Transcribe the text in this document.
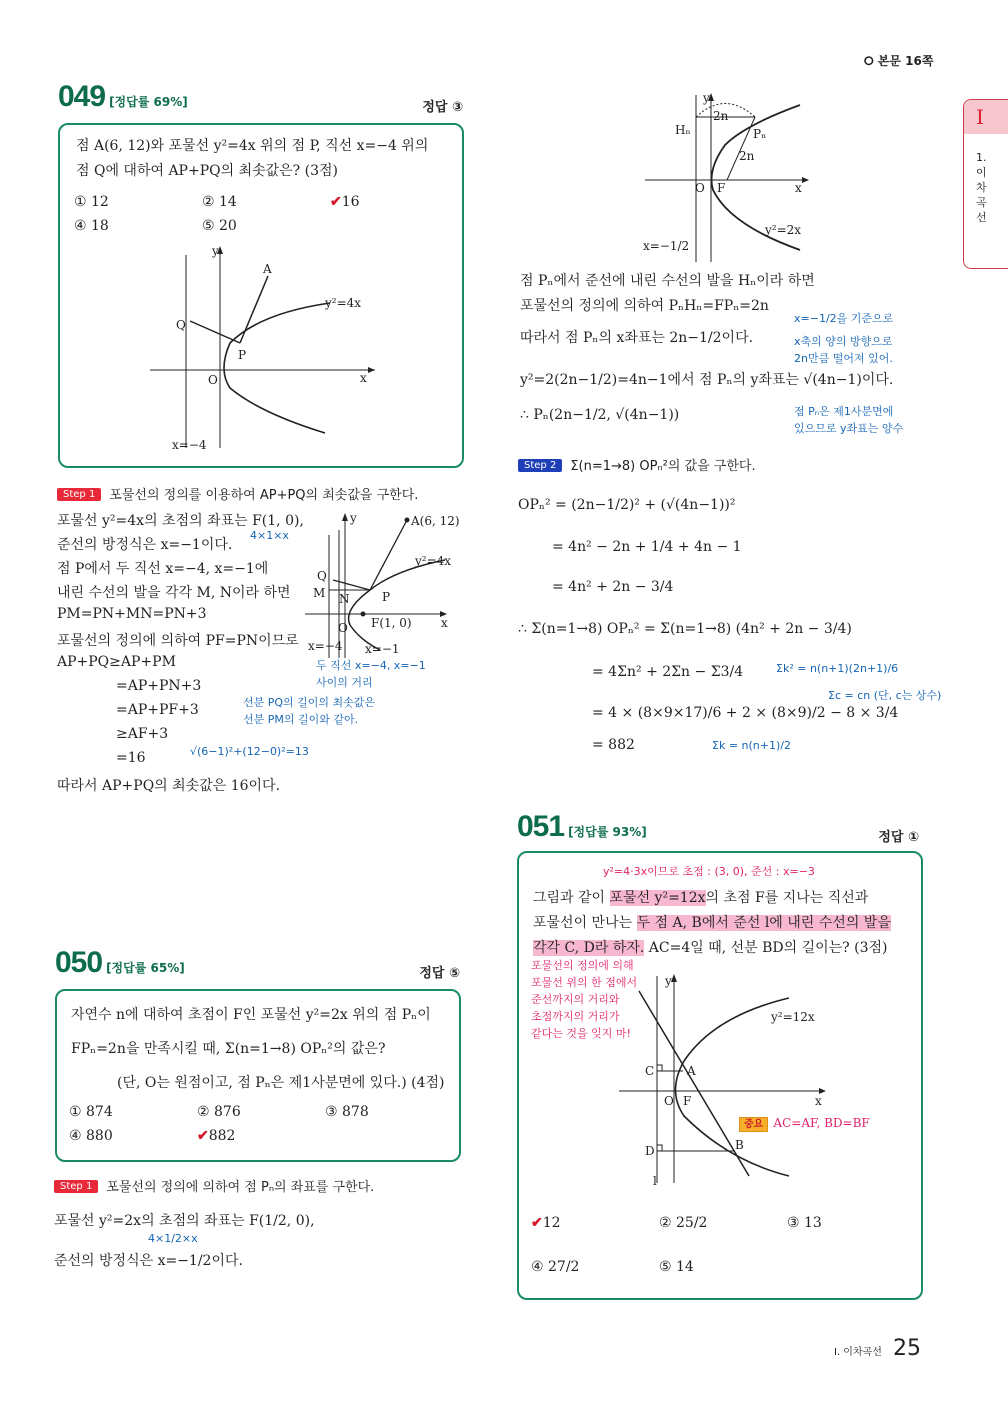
⭘ 본문 16쪽
I
1.
이
차
곡
선
049 [정답률 69%]	정답 ③
점 A(6, 12)와 포물선 y²=4x 위의 점 P, 직선 x=−4 위의
점 Q에 대하여 AP+PQ의 최솟값은? (3점)
① 12	② 14	✔16
④ 18	⑤ 20
y
x
A
Q
P
O
y²=4x
x=−4
Step 1 포물선의 정의를 이용하여 AP+PQ의 최솟값을 구한다.
포물선 y²=4x의 초점의 좌표는 F(1, 0),
준선의 방정식은 x=−1이다.
점 P에서 두 직선 x=−4, x=−1에
내린 수선의 발을 각각 M, N이라 하면
PM=PN+MN=PN+3
포물선의 정의에 의하여 PF=PN이므로
AP+PQ≥AP+PM
=AP+PN+3
=AP+PF+3
≥AF+3
=16
따라서 AP+PQ의 최솟값은 16이다.
4×1×x
두 직선 x=−4, x=−1
사이의 거리
선분 PQ의 길이의 최솟값은
선분 PM의 길이와 같아.
√(6−1)²+(12−0)²=13
y	A(6, 12)
y²=4x
Q
M N	P
O F(1, 0) x
x=−4 x=−1
050 [정답률 65%]	정답 ⑤
자연수 n에 대하여 초점이 F인 포물선 y²=2x 위의 점 Pₙ이
FPₙ=2n을 만족시킬 때, Σ(n=1→8) OPₙ²의 값은?
(단, O는 원점이고, 점 Pₙ은 제1사분면에 있다.) (4점)
① 874	② 876	③ 878
④ 880	✔882
Step 1 포물선의 정의에 의하여 점 Pₙ의 좌표를 구한다.
포물선 y²=2x의 초점의 좌표는 F(1/2, 0),
4×1/2×x
준선의 방정식은 x=−1/2이다.
y
Hₙ	Pₙ
2n
2n
O F	x
y²=2x
x=−1/2
점 Pₙ에서 준선에 내린 수선의 발을 Hₙ이라 하면
포물선의 정의에 의하여 PₙHₙ=FPₙ=2n
따라서 점 Pₙ의 x좌표는 2n−1/2이다.
y²=2(2n−1/2)=4n−1에서 점 Pₙ의 y좌표는 √(4n−1)이다.
∴ Pₙ(2n−1/2, √(4n−1))
x=−1/2을 기준으로
x축의 양의 방향으로
2n만큼 떨어져 있어.
점 Pₙ은 제1사분면에
있으므로 y좌표는 양수
Step 2 Σ(n=1→8) OPₙ²의 값을 구한다.
OPₙ² = (2n−1/2)² + (√(4n−1))²
= 4n² − 2n + 1/4 + 4n − 1
= 4n² + 2n − 3/4
∴ Σ(n=1→8) OPₙ² = Σ(n=1→8) (4n² + 2n − 3/4)
= 4Σn² + 2Σn − Σ3/4
= 4 × (8×9×17)/6 + 2 × (8×9)/2 − 8 × 3/4
= 882
Σk² = n(n+1)(2n+1)/6
Σc = cn (단, c는 상수)
Σk = n(n+1)/2
051 [정답률 93%]	정답 ①
y²=4·3x이므로 초점 : (3, 0), 준선 : x=−3
그림과 같이 포물선 y²=12x의 초점 F를 지나는 직선과
포물선이 만나는 두 점 A, B에서 준선 l에 내린 수선의 발을
각각 C, D라 하자. AC=4일 때, 선분 BD의 길이는? (3점)
포물선의 정의에 의해
포물선 위의 한 점에서
준선까지의 거리와
초점까지의 거리가
같다는 것을 잊지 마!
y
y²=12x
C	A
O F	x
D	B
l
중요 AC=AF, BD=BF
✔12	② 25/2	③ 13
④ 27/2	⑤ 14
Ⅰ. 이차곡선 25
